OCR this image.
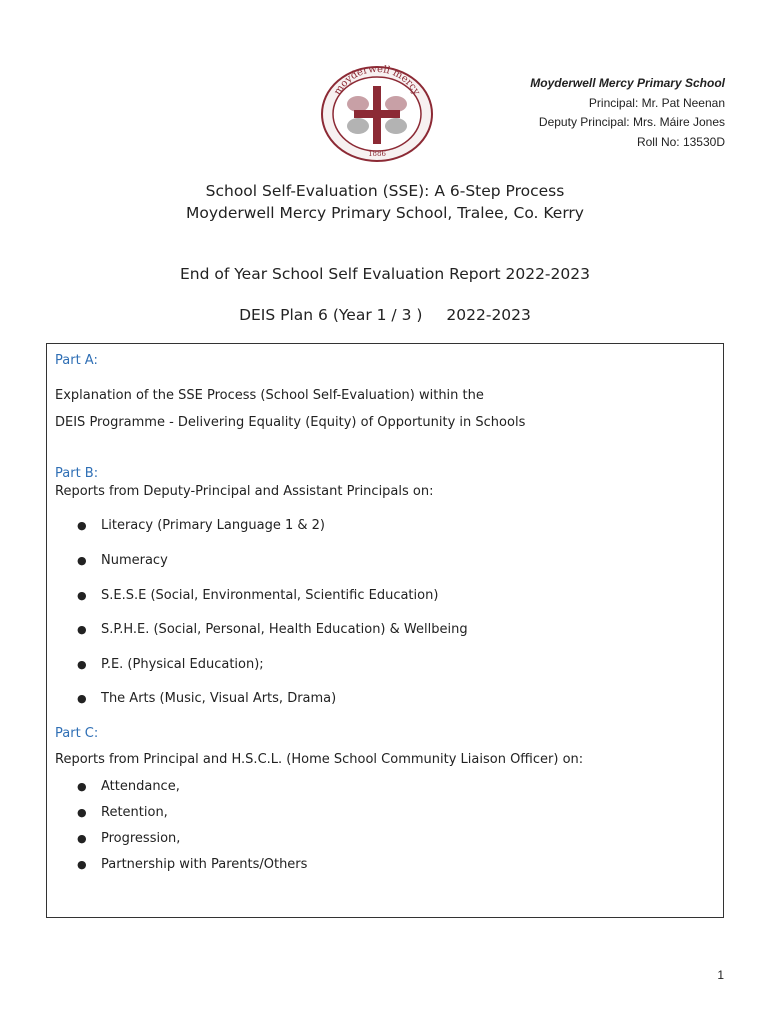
moyderwell mercy
1886
Moyderwell Mercy Primary School
Principal: Mr. Pat Neenan
Deputy Principal: Mrs. Máire Jones
Roll No: 13530D
School Self-Evaluation (SSE): A 6-Step Process
Moyderwell Mercy Primary School, Tralee, Co. Kerry
End of Year School Self Evaluation Report 2022-2023
DEIS Plan 6 (Year 1 / 3 ) 2022-2023
Part A:
Explanation of the SSE Process (School Self-Evaluation) within the
DEIS Programme - Delivering Equality (Equity) of Opportunity in Schools
Part B:
Reports from Deputy-Principal and Assistant Principals on:
● Literacy (Primary Language 1 & 2)
● Numeracy
● S.E.S.E (Social, Environmental, Scientific Education)
● S.P.H.E. (Social, Personal, Health Education) & Wellbeing
● P.E. (Physical Education);
● The Arts (Music, Visual Arts, Drama)
Part C:
Reports from Principal and H.S.C.L. (Home School Community Liaison Officer) on:
● Attendance,
● Retention,
● Progression,
● Partnership with Parents/Others
1
